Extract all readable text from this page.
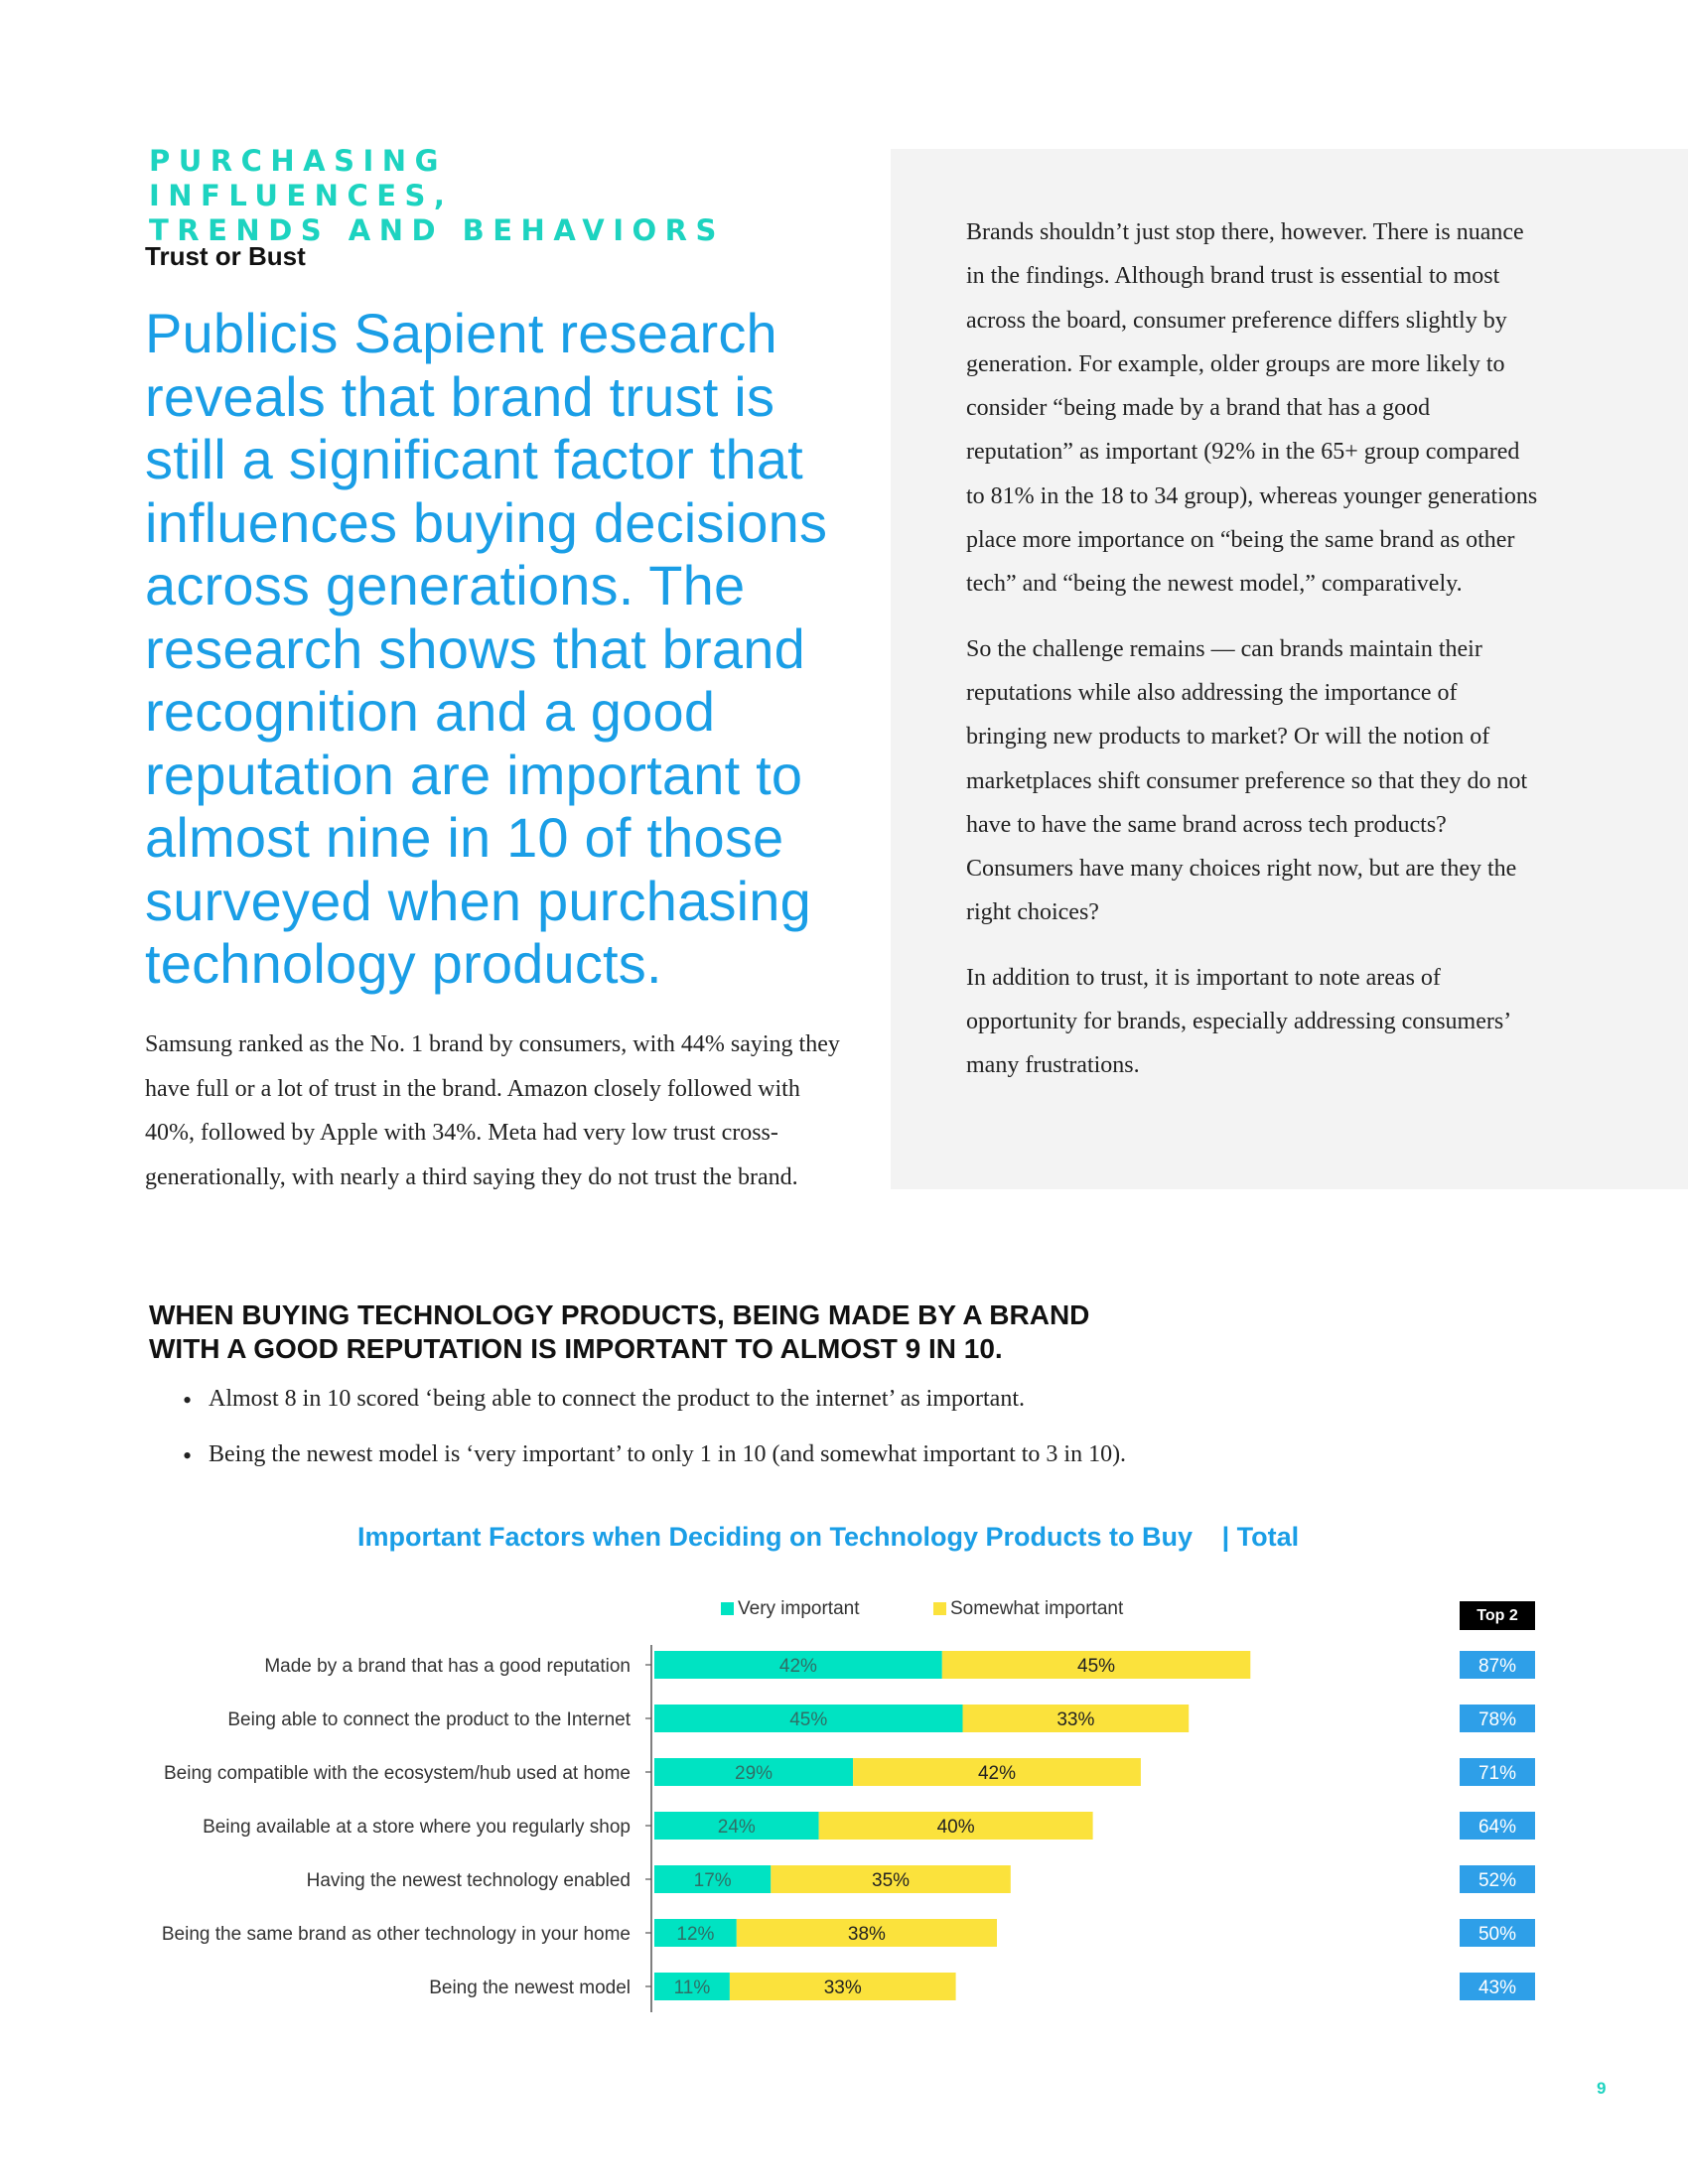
PURCHASING INFLUENCES,
TRENDS AND BEHAVIORS
Trust or Bust
Publicis Sapient research reveals that brand trust is still a significant factor that influences buying decisions across generations. The research shows that brand recognition and a good reputation are important to almost nine in 10 of those surveyed when purchasing technology products.
Samsung ranked as the No. 1 brand by consumers, with 44% saying they have full or a lot of trust in the brand. Amazon closely followed with 40%, followed by Apple with 34%. Meta had very low trust cross-generationally, with nearly a third saying they do not trust the brand.

Brands shouldn’t just stop there, however. There is nuance in the findings. Although brand trust is essential to most across the board, consumer preference differs slightly by generation. For example, older groups are more likely to consider “being made by a brand that has a good reputation” as important (92% in the 65+ group compared to 81% in the 18 to 34 group), whereas younger generations place more importance on “being the same brand as other tech” and “being the newest model,” comparatively.

So the challenge remains — can brands maintain their reputations while also addressing the importance of bringing new products to market? Or will the notion of marketplaces shift consumer preference so that they do not have to have the same brand across tech products? Consumers have many choices right now, but are they the right choices?

In addition to trust, it is important to note areas of opportunity for brands, especially addressing consumers’ many frustrations.

WHEN BUYING TECHNOLOGY PRODUCTS, BEING MADE BY A BRAND
WITH A GOOD REPUTATION IS IMPORTANT TO ALMOST 9 IN 10.
• Almost 8 in 10 scored ‘being able to connect the product to the internet’ as important.
• Being the newest model is ‘very important’ to only 1 in 10 (and somewhat important to 3 in 10).
Important Factors when Deciding on Technology Products to Buy | Total
Very important	Somewhat important	Top 2
Made by a brand that has a good reputation	42%	45%	87%
Being able to connect the product to the Internet	45%	33%	78%
Being compatible with the ecosystem/hub used at home	29%	42%	71%
Being available at a store where you regularly shop	24%	40%	64%
Having the newest technology enabled	17%	35%	52%
Being the same brand as other technology in your home 12%	38%	50%
Being the newest model 11%	33%	43%
9
